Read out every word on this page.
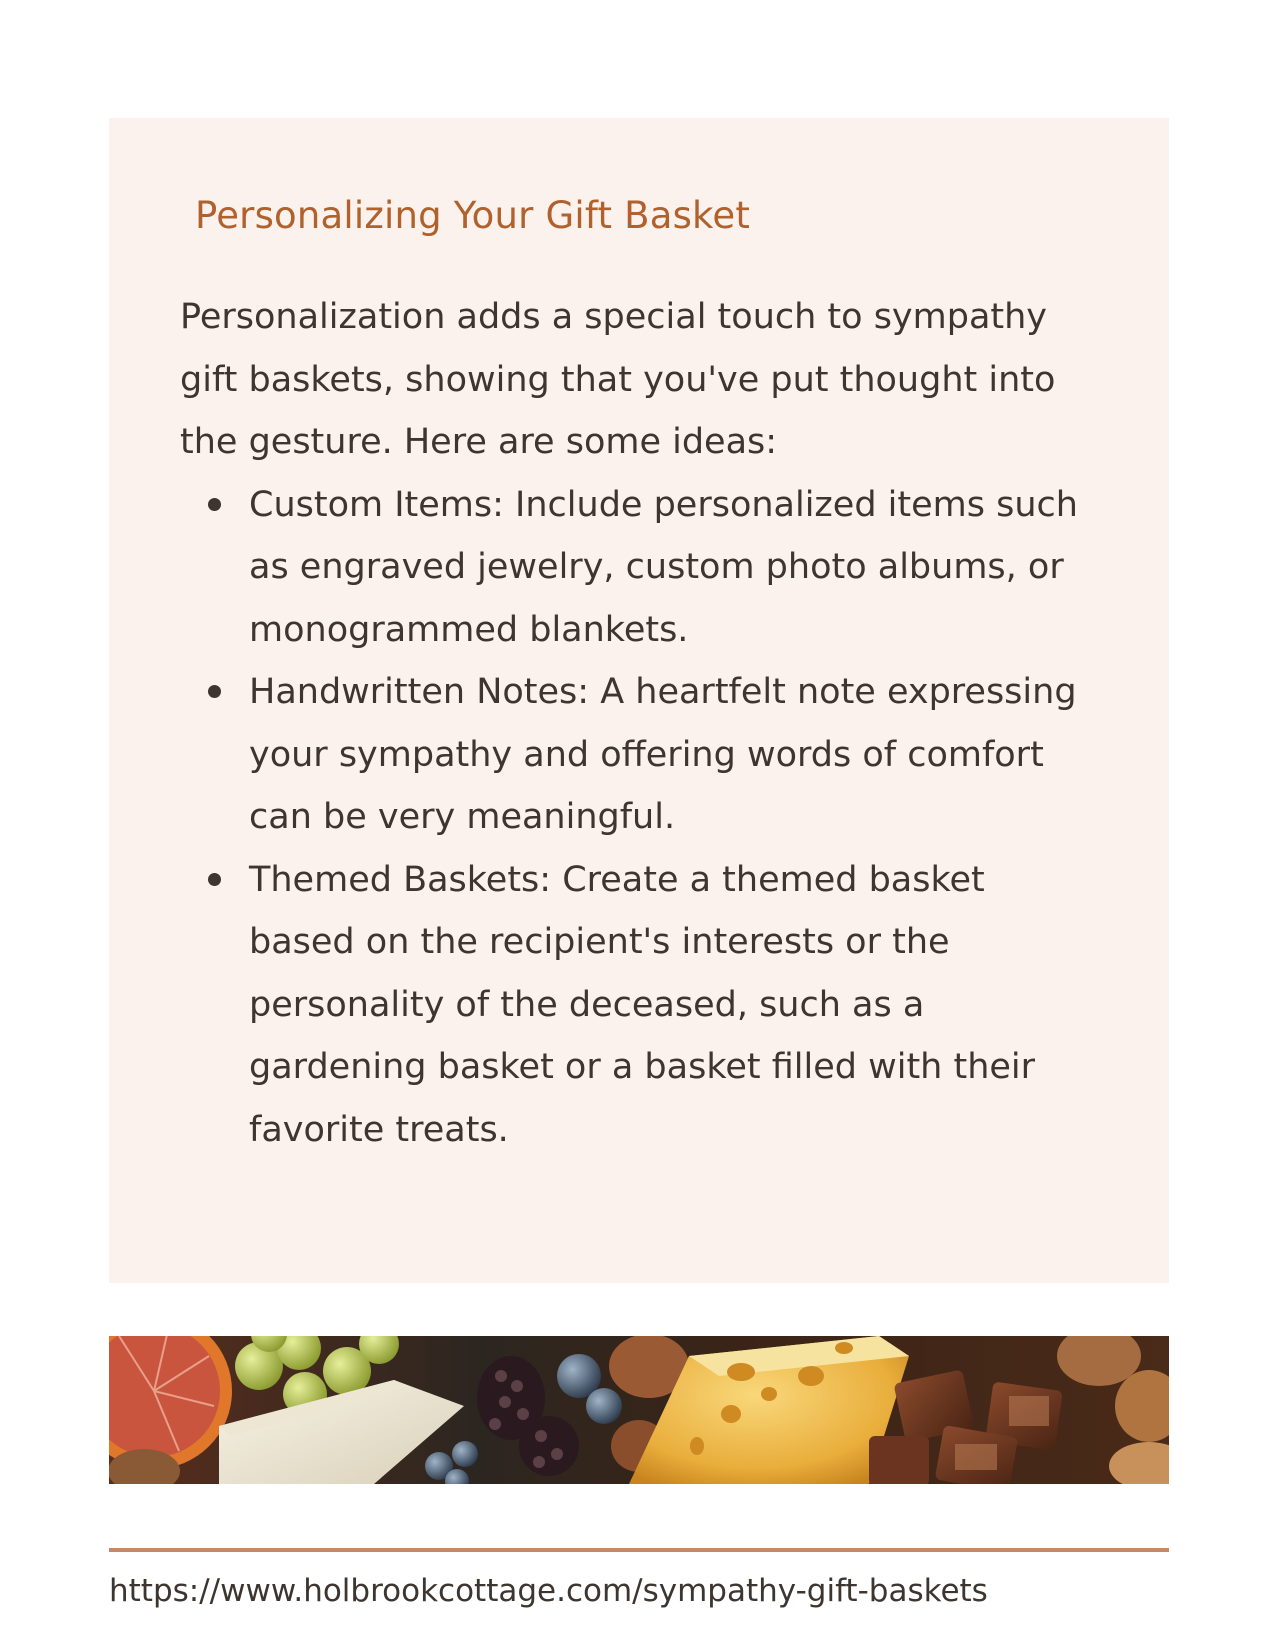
Personalizing Your Gift Basket

Personalization adds a special touch to sympathy gift baskets, showing that you've put thought into the gesture. Here are some ideas:

Custom Items: Include personalized items such as engraved jewelry, custom photo albums, or monogrammed blankets.
Handwritten Notes: A heartfelt note expressing your sympathy and offering words of comfort can be very meaningful.
Themed Baskets: Create a themed basket based on the recipient's interests or the personality of the deceased, such as a gardening basket or a basket filled with their favorite treats.
https://www.holbrookcottage.com/sympathy-gift-baskets
